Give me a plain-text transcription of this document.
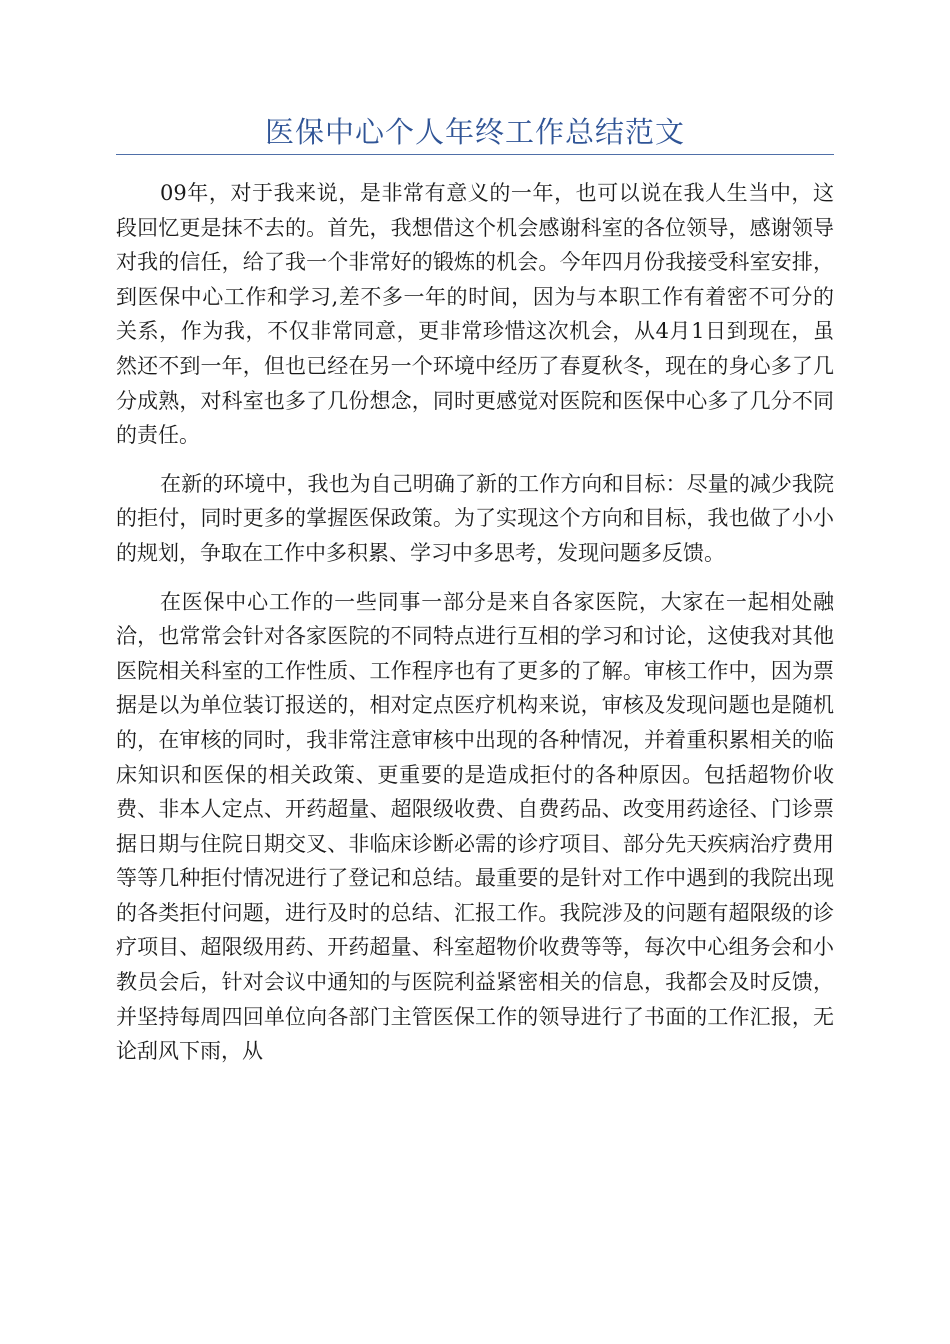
医保中心个人年终工作总结范文

09年，对于我来说，是非常有意义的一年，也可以说在我人生当中，这段回忆更是抹不去的。首先，我想借这个机会感谢科室的各位领导，感谢领导对我的信任，给了我一个非常好的锻炼的机会。今年四月份我接受科室安排，到医保中心工作和学习,差不多一年的时间，因为与本职工作有着密不可分的关系，作为我，不仅非常同意，更非常珍惜这次机会，从4月1日到现在，虽然还不到一年，但也已经在另一个环境中经历了春夏秋冬，现在的身心多了几分成熟，对科室也多了几份想念，同时更感觉对医院和医保中心多了几分不同的责任。

在新的环境中，我也为自己明确了新的工作方向和目标：尽量的减少我院的拒付，同时更多的掌握医保政策。为了实现这个方向和目标，我也做了小小的规划，争取在工作中多积累、学习中多思考，发现问题多反馈。

在医保中心工作的一些同事一部分是来自各家医院，大家在一起相处融洽，也常常会针对各家医院的不同特点进行互相的学习和讨论，这使我对其他医院相关科室的工作性质、工作程序也有了更多的了解。审核工作中，因为票据是以为单位装订报送的，相对定点医疗机构来说，审核及发现问题也是随机的，在审核的同时，我非常注意审核中出现的各种情况，并着重积累相关的临床知识和医保的相关政策、更重要的是造成拒付的各种原因。包括超物价收费、非本人定点、开药超量、超限级收费、自费药品、改变用药途径、门诊票据日期与住院日期交叉、非临床诊断必需的诊疗项目、部分先天疾病治疗费用等等几种拒付情况进行了登记和总结。最重要的是针对工作中遇到的我院出现的各类拒付问题，进行及时的总结、汇报工作。我院涉及的问题有超限级的诊疗项目、超限级用药、开药超量、科室超物价收费等等，每次中心组务会和小教员会后，针对会议中通知的与医院利益紧密相关的信息，我都会及时反馈，并坚持每周四回单位向各部门主管医保工作的领导进行了书面的工作汇报，无论刮风下雨，从
